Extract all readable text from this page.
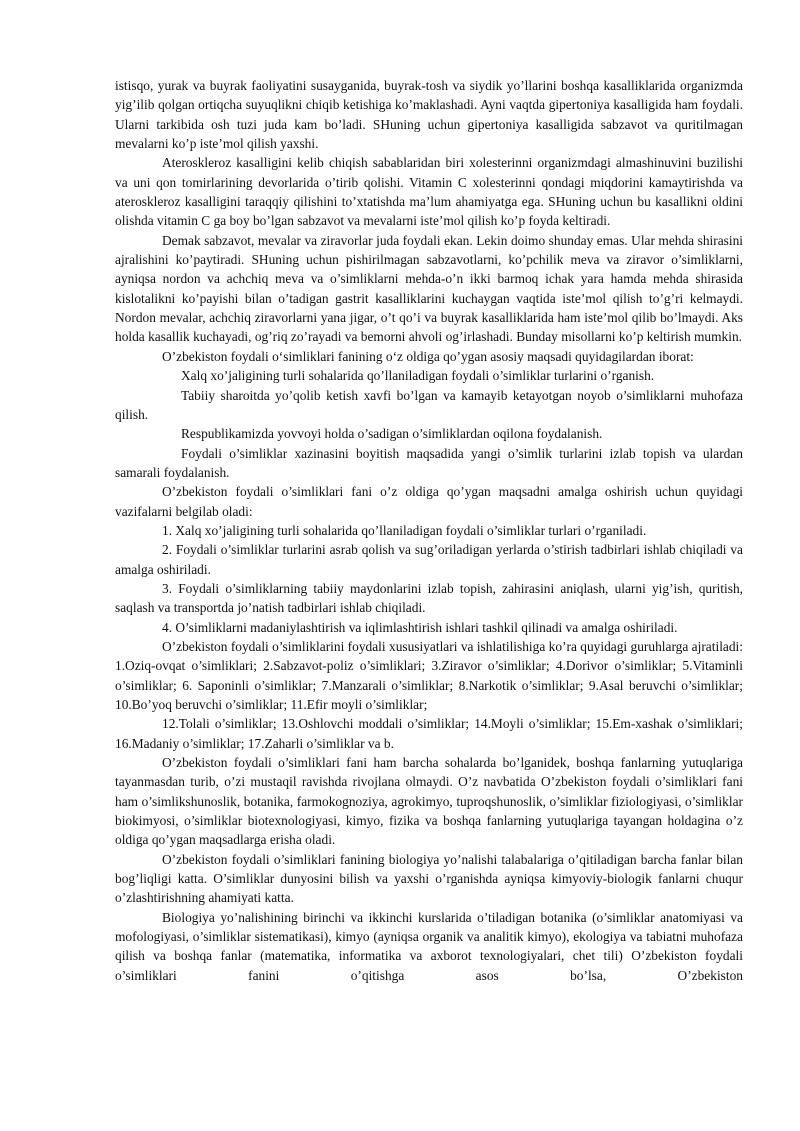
istisqo, yurak va buyrak faoliyatini susayganida, buyrak-tosh va siydik yo’llarini boshqa kasalliklarida organizmda yig’ilib qolgan ortiqcha suyuqlikni chiqib ketishiga ko’maklashadi. Ayni vaqtda gipertoniya kasalligida ham foydali. Ularni tarkibida osh tuzi juda kam bo’ladi. SHuning uchun gipertoniya kasalligida sabzavot va quritilmagan mevalarni ko’p iste’mol qilish yaxshi.

Ateroskleroz kasalligini kelib chiqish sabablaridan biri xolesterinni organizmdagi almashinuvini buzilishi va uni qon tomirlarining devorlarida o’tirib qolishi. Vitamin C xolesterinni qondagi miqdorini kamaytirishda va ateroskleroz kasalligini taraqqiy qilishini to’xtatishda ma’lum ahamiyatga ega. SHuning uchun bu kasallikni oldini olishda vitamin C ga boy bo’lgan sabzavot va mevalarni iste’mol qilish ko’p foyda keltiradi.

Demak sabzavot, mevalar va ziravorlar juda foydali ekan. Lekin doimo shunday emas. Ular mehda shirasini ajralishini ko’paytiradi. SHuning uchun pishirilmagan sabzavotlarni, ko’pchilik meva va ziravor o’simliklarni, ayniqsa nordon va achchiq meva va o’simliklarni mehda-o’n ikki barmoq ichak yara hamda mehda shirasida kislotalikni ko’payishi bilan o’tadigan gastrit kasalliklarini kuchaygan vaqtida iste’mol qilish to’g’ri kelmaydi. Nordon mevalar, achchiq ziravorlarni yana jigar, o’t qo’i va buyrak kasalliklarida ham iste’mol qilib bo’lmaydi. Aks holda kasallik kuchayadi, og’riq zo’rayadi va bemorni ahvoli og’irlashadi. Bunday misollarni ko’p keltirish mumkin.

O’zbekiston foydali o‘simliklari fanining o‘z oldiga qo’ygan asosiy maqsadi quyidagilardan iborat:

Xalq xo’jaligining turli sohalarida qo’llaniladigan foydali o’simliklar turlarini o’rganish.

Tabiiy sharoitda yo’qolib ketish xavfi bo’lgan va kamayib ketayotgan noyob o’simliklarni muhofaza qilish.

Respublikamizda yovvoyi holda o’sadigan o’simliklardan oqilona foydalanish.

Foydali o’simliklar xazinasini boyitish maqsadida yangi o’simlik turlarini izlab topish va ulardan samarali foydalanish.

O’zbekiston foydali o’simliklari fani o’z oldiga qo’ygan maqsadni amalga oshirish uchun quyidagi vazifalarni belgilab oladi:

1. Xalq xo’jaligining turli sohalarida qo’llaniladigan foydali o’simliklar turlari o’rganiladi.

2. Foydali o’simliklar turlarini asrab qolish va sug’oriladigan yerlarda o’stirish tadbirlari ishlab chiqiladi va amalga oshiriladi.

3. Foydali o’simliklarning tabiiy maydonlarini izlab topish, zahirasini aniqlash, ularni yig’ish, quritish, saqlash va transportda jo’natish tadbirlari ishlab chiqiladi.

4. O’simliklarni madaniylashtirish va iqlimlashtirish ishlari tashkil qilinadi va amalga oshiriladi.

O’zbekiston foydali o’simliklarini foydali xususiyatlari va ishlatilishiga ko’ra quyidagi guruhlarga ajratiladi: 1.Oziq-ovqat o’simliklari; 2.Sabzavot-poliz o’simliklari; 3.Ziravor o’simliklar; 4.Dorivor o’simliklar; 5.Vitaminli o’simliklar; 6. Saponinli o’simliklar; 7.Manzarali o’simliklar; 8.Narkotik o’simliklar; 9.Asal beruvchi o’simliklar; 10.Bo’yoq beruvchi o’simliklar; 11.Efir moyli o’simliklar;

12.Tolali o’simliklar; 13.Oshlovchi moddali o’simliklar; 14.Moyli o’simliklar; 15.Em-xashak o’simliklari; 16.Madaniy o’simliklar; 17.Zaharli o’simliklar va b.

O’zbekiston foydali o’simliklari fani ham barcha sohalarda bo’lganidek, boshqa fanlarning yutuqlariga tayanmasdan turib, o’zi mustaqil ravishda rivojlana olmaydi. O’z navbatida O’zbekiston foydali o’simliklari fani ham o’simlikshunoslik, botanika, farmokognoziya, agrokimyo, tuproqshunoslik, o’simliklar fiziologiyasi, o’simliklar biokimyosi, o’simliklar biotexnologiyasi, kimyo, fizika va boshqa fanlarning yutuqlariga tayangan holdagina o’z oldiga qo’ygan maqsadlarga erisha oladi.

O’zbekiston foydali o’simliklari fanining biologiya yo’nalishi talabalariga o’qitiladigan barcha fanlar bilan bog’liqligi katta. O’simliklar dunyosini bilish va yaxshi o’rganishda ayniqsa kimyoviy-biologik fanlarni chuqur o’zlashtirishning ahamiyati katta.

Biologiya yo’nalishining birinchi va ikkinchi kurslarida o’tiladigan botanika (o’simliklar anatomiyasi va mofologiyasi, o’simliklar sistematikasi), kimyo (ayniqsa organik va analitik kimyo), ekologiya va tabiatni muhofaza qilish va boshqa fanlar (matematika, informatika va axborot texnologiyalari, chet tili) O’zbekiston foydali o’simliklari fanini o’qitishga asos bo’lsa, O’zbekiston
